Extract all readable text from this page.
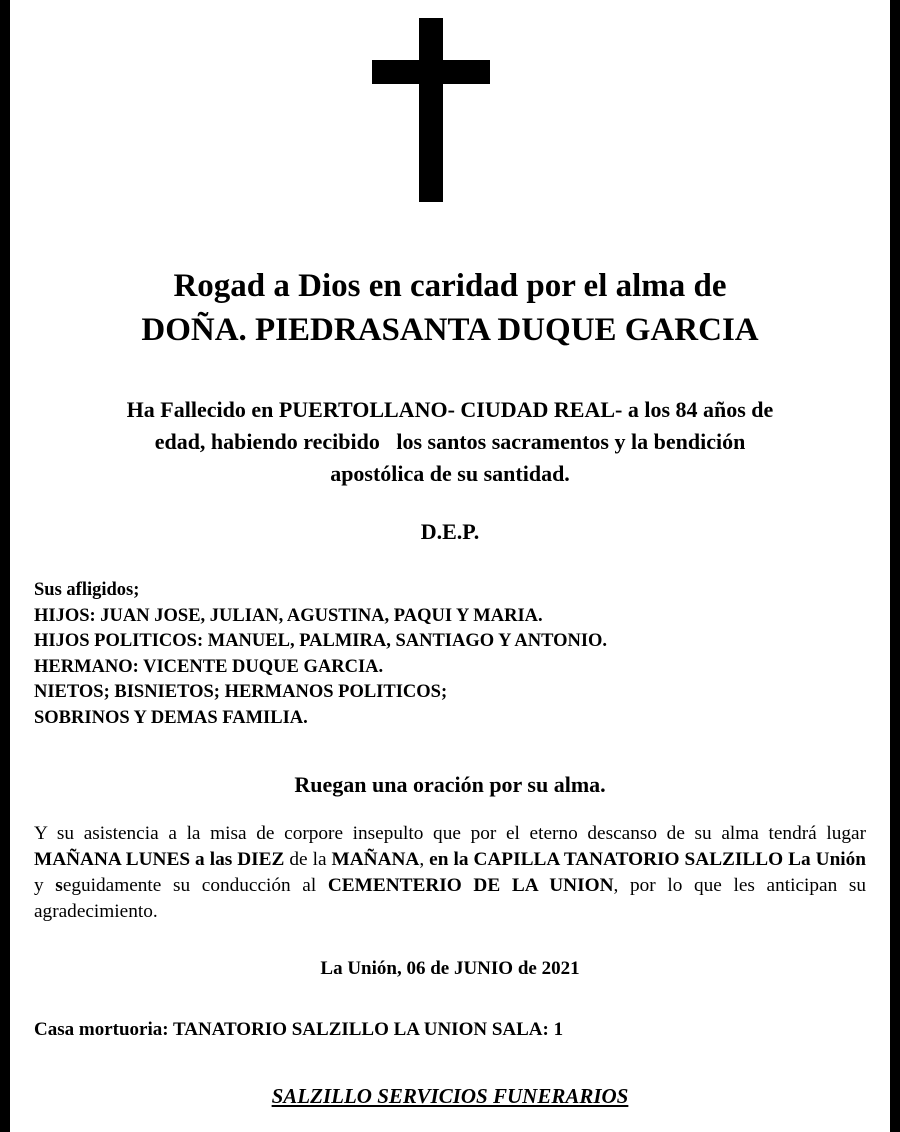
Rogad a Dios en caridad por el alma de
DOÑA. PIEDRASANTA DUQUE GARCIA
Ha Fallecido en PUERTOLLANO- CIUDAD REAL- a los 84 años de
edad, habiendo recibido   los santos sacramentos y la bendición
apostólica de su santidad.
D.E.P.
Sus afligidos;
HIJOS: JUAN JOSE, JULIAN, AGUSTINA, PAQUI Y MARIA.
HIJOS POLITICOS: MANUEL, PALMIRA, SANTIAGO Y ANTONIO.
HERMANO: VICENTE DUQUE GARCIA.
NIETOS; BISNIETOS; HERMANOS POLITICOS;
SOBRINOS Y DEMAS FAMILIA.
Ruegan una oración por su alma.
Y su asistencia a la misa de corpore insepulto que por el eterno descanso de su alma tendrá lugar MAÑANA LUNES a las DIEZ de la MAÑANA, en la CAPILLA TANATORIO SALZILLO La Unión y seguidamente su conducción al CEMENTERIO DE LA UNION, por lo que les anticipan su agradecimiento.
La Unión, 06 de JUNIO de 2021
Casa mortuoria: TANATORIO SALZILLO LA UNION SALA: 1
SALZILLO SERVICIOS FUNERARIOS
